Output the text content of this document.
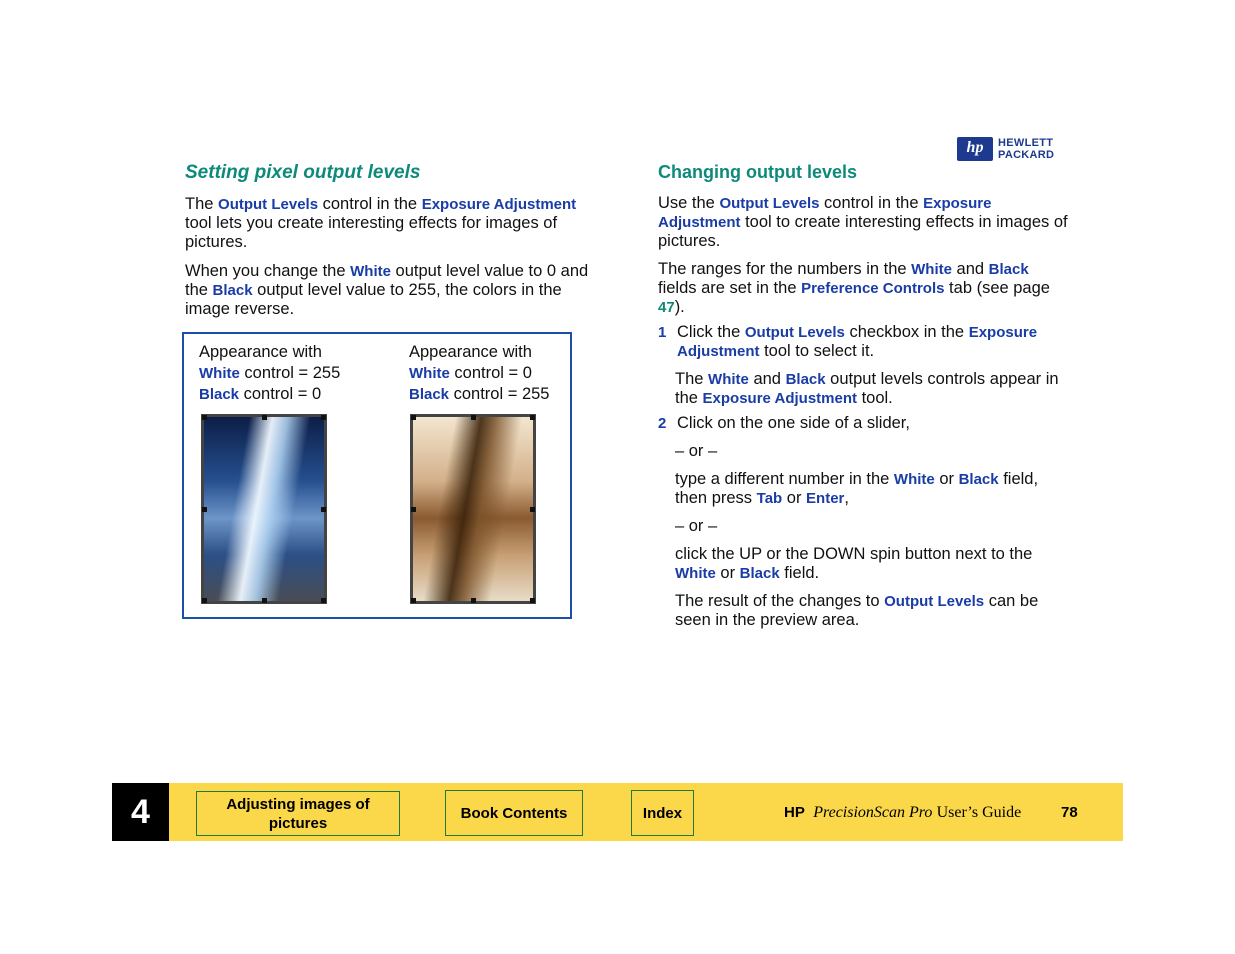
hp	HEWLETT
PACKARD
Setting pixel output levels

The Output Levels control in the Exposure Adjustment tool lets you create interesting effects for images of pictures.

When you change the White output level value to 0 and the Black output level value to 255, the colors in the image reverse.

Appearance with
White control = 255
Black control = 0
Appearance with
White control = 0
Black control = 255
Changing output levels

Use the Output Levels control in the Exposure Adjustment tool to create interesting effects in images of pictures.

The ranges for the numbers in the White and Black fields are set in the Preference Controls tab (see page 47).

1 Click the Output Levels checkbox in the Exposure Adjustment tool to select it.

The White and Black output levels controls appear in the Exposure Adjustment tool.

2 Click on the one side of a slider,

– or –

type a different number in the White or Black field, then press Tab or Enter,

– or –

click the UP or the DOWN spin button next to the White or Black field.

The result of the changes to Output Levels can be seen in the preview area.

4	Adjusting images of pictures
Book Contents	Index	HP PrecisionScan Pro User’s Guide	78
